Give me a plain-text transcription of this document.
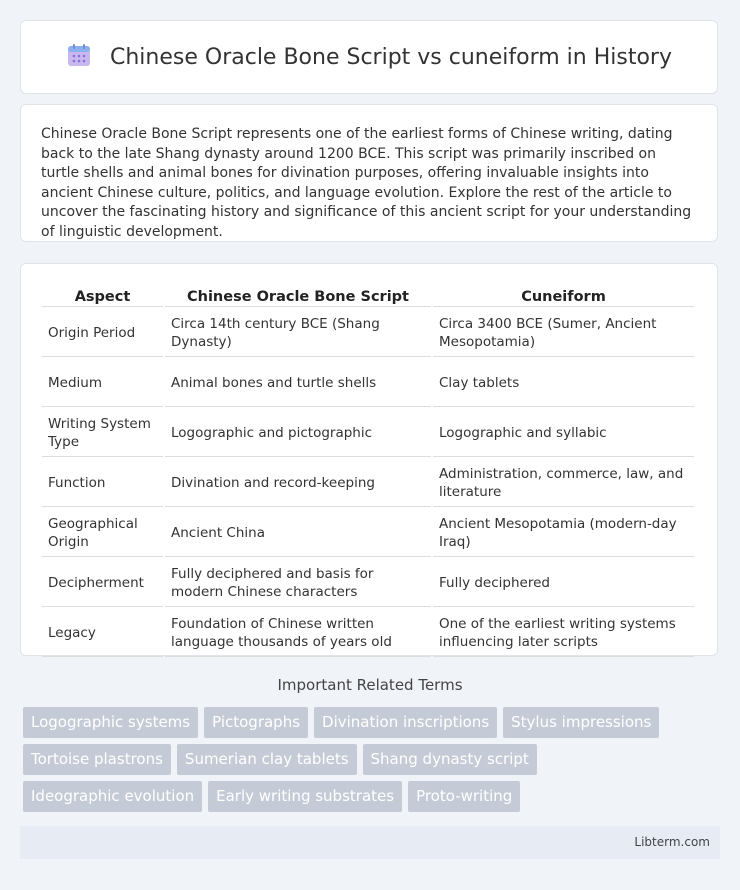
Chinese Oracle Bone Script vs cuneiform in History

Chinese Oracle Bone Script represents one of the earliest forms of Chinese writing, dating back to the late Shang dynasty around 1200 BCE. This script was primarily inscribed on turtle shells and animal bones for divination purposes, offering invaluable insights into ancient Chinese culture, politics, and language evolution. Explore the rest of the article to uncover the fascinating history and significance of this ancient script for your understanding of linguistic development.

Aspect	Chinese Oracle Bone Script	Cuneiform
Origin Period	Circa 14th century BCE (Shang Dynasty)	Circa 3400 BCE (Sumer, Ancient Mesopotamia)
Medium	Animal bones and turtle shells	Clay tablets
Writing System Type	Logographic and pictographic	Logographic and syllabic
Function	Divination and record-keeping	Administration, commerce, law, and literature
Geographical Origin	Ancient China	Ancient Mesopotamia (modern-day Iraq)
Decipherment	Fully deciphered and basis for modern Chinese characters	Fully deciphered
Legacy	Foundation of Chinese written language thousands of years old	One of the earliest writing systems influencing later scripts
Important Related Terms
Logographic systems	Pictographs	Divination inscriptions	Stylus impressions
Tortoise plastrons	Sumerian clay tablets	Shang dynasty script
Ideographic evolution	Early writing substrates	Proto-writing
Libterm.com
